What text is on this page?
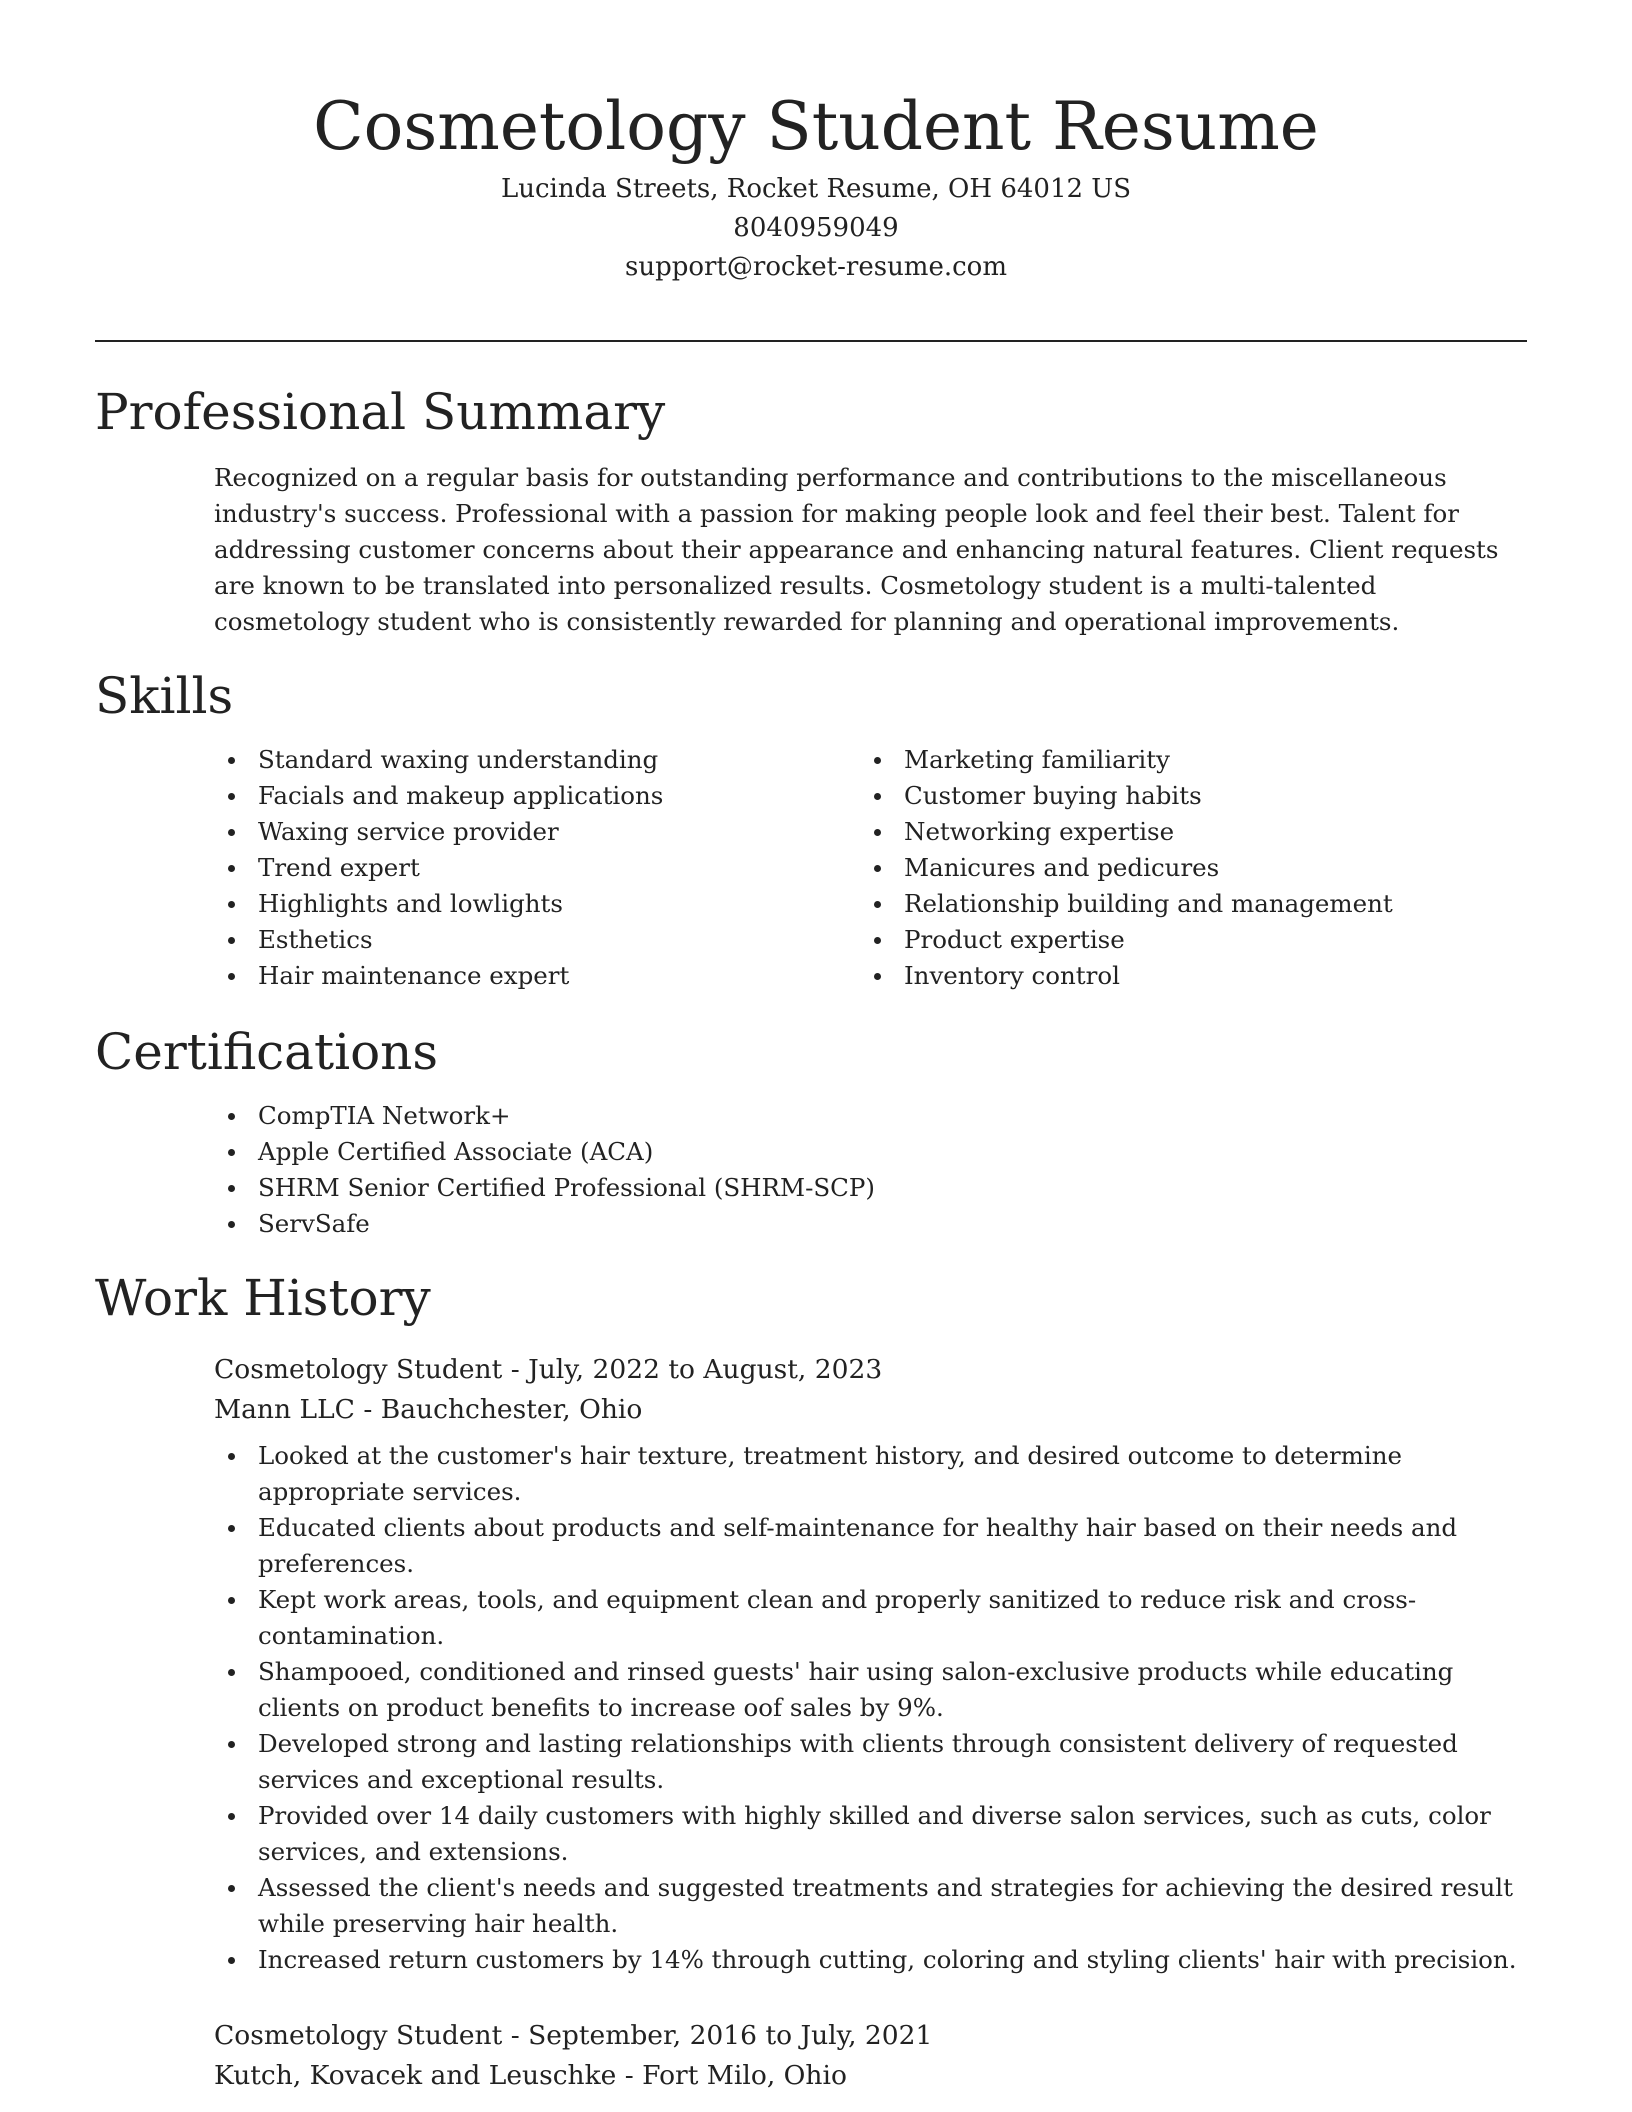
Cosmetology Student Resume
Lucinda Streets, Rocket Resume, OH 64012 US
8040959049
support@rocket-resume.com
Professional Summary

Recognized on a regular basis for outstanding performance and contributions to the miscellaneous industry's success. Professional with a passion for making people look and feel their best. Talent for addressing customer concerns about their appearance and enhancing natural features. Client requests are known to be translated into personalized results. Cosmetology student is a multi-talented cosmetology student who is consistently rewarded for planning and operational improvements.

Skills
Standard waxing understanding
Facials and makeup applications
Waxing service provider
Trend expert
Highlights and lowlights
Esthetics
Hair maintenance expert
Marketing familiarity
Customer buying habits
Networking expertise
Manicures and pedicures
Relationship building and management
Product expertise
Inventory control
Certifications
CompTIA Network+
Apple Certified Associate (ACA)
SHRM Senior Certified Professional (SHRM-SCP)
ServSafe
Work History
Cosmetology Student - July, 2022 to August, 2023
Mann LLC - Bauchchester, Ohio
Looked at the customer's hair texture, treatment history, and desired outcome to determine appropriate services.
Educated clients about products and self-maintenance for healthy hair based on their needs and preferences.
Kept work areas, tools, and equipment clean and properly sanitized to reduce risk and cross-contamination.
Shampooed, conditioned and rinsed guests' hair using salon-exclusive products while educating clients on product benefits to increase oof sales by 9%.
Developed strong and lasting relationships with clients through consistent delivery of requested services and exceptional results.
Provided over 14 daily customers with highly skilled and diverse salon services, such as cuts, color services, and extensions.
Assessed the client's needs and suggested treatments and strategies for achieving the desired result while preserving hair health.
Increased return customers by 14% through cutting, coloring and styling clients' hair with precision.
Cosmetology Student - September, 2016 to July, 2021
Kutch, Kovacek and Leuschke - Fort Milo, Ohio
